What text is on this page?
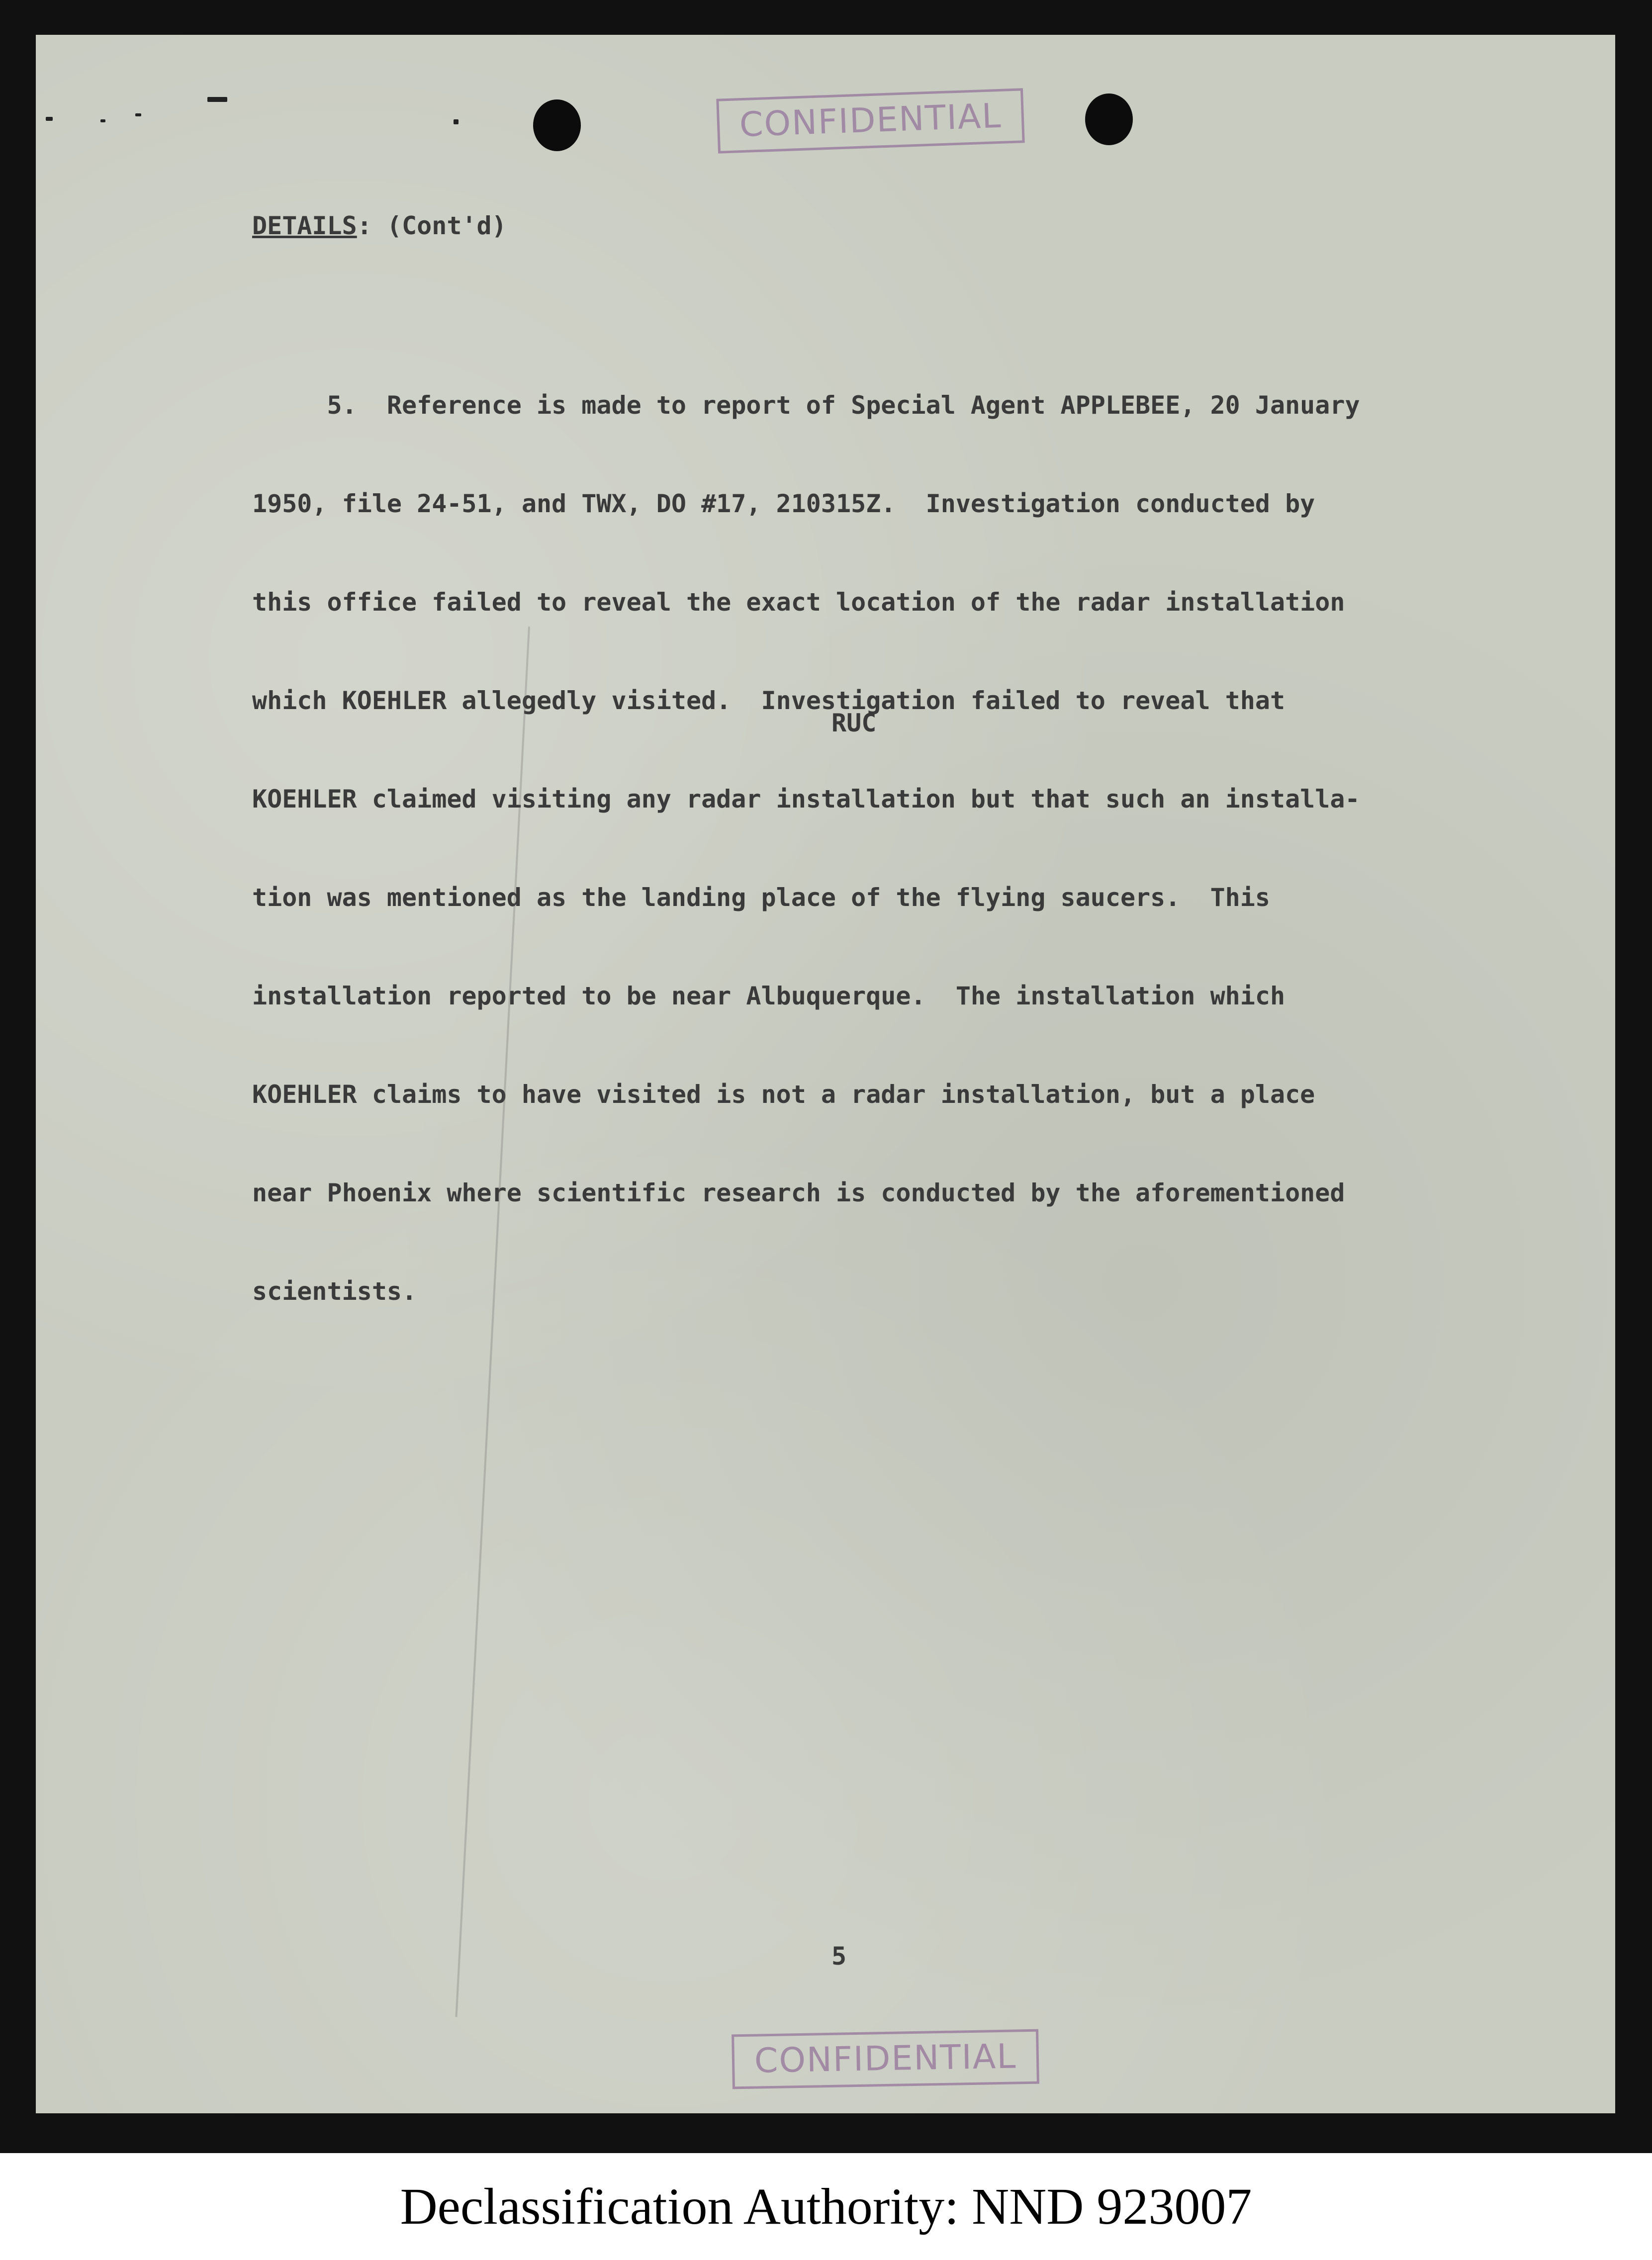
CONFIDENTIAL
DETAILS: (Cont'd)

5.  Reference is made to report of Special Agent APPLEBEE, 20 January

1950, file 24-51, and TWX, DO #17, 210315Z.  Investigation conducted by

this office failed to reveal the exact location of the radar installation

which KOEHLER allegedly visited.  Investigation failed to reveal that

KOEHLER claimed visiting any radar installation but that such an installa-

tion was mentioned as the landing place of the flying saucers.  This

installation reported to be near Albuquerque.  The installation which

KOEHLER claims to have visited is not a radar installation, but a place

near Phoenix where scientific research is conducted by the aforementioned

scientists.

RUC
5
CONFIDENTIAL
Declassification Authority: NND 923007
